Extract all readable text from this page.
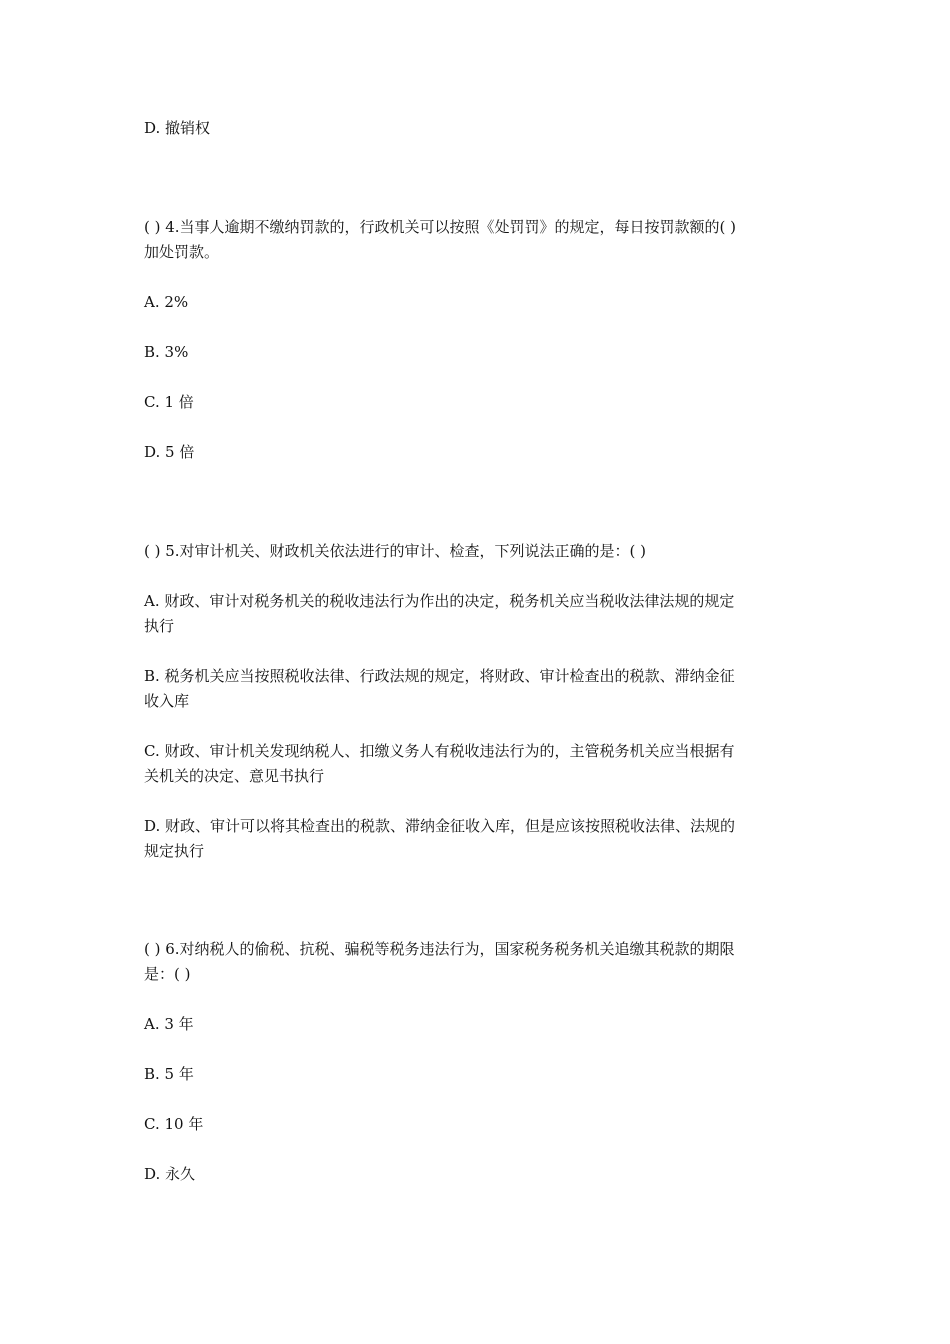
D. 撤销权
( ) 4.当事人逾期不缴纳罚款的，行政机关可以按照《处罚罚》的规定，每日按罚款额的( )
加处罚款。
A. 2%
B. 3%
C. 1 倍
D. 5 倍
( ) 5.对审计机关、财政机关依法进行的审计、检查，下列说法正确的是：( )
A. 财政、审计对税务机关的税收违法行为作出的决定，税务机关应当税收法律法规的规定
执行
B. 税务机关应当按照税收法律、行政法规的规定，将财政、审计检查出的税款、滞纳金征
收入库
C. 财政、审计机关发现纳税人、扣缴义务人有税收违法行为的，主管税务机关应当根据有
关机关的决定、意见书执行
D. 财政、审计可以将其检查出的税款、滞纳金征收入库，但是应该按照税收法律、法规的
规定执行
( ) 6.对纳税人的偷税、抗税、骗税等税务违法行为，国家税务税务机关追缴其税款的期限
是：( )
A. 3 年
B. 5 年
C. 10 年
D. 永久
